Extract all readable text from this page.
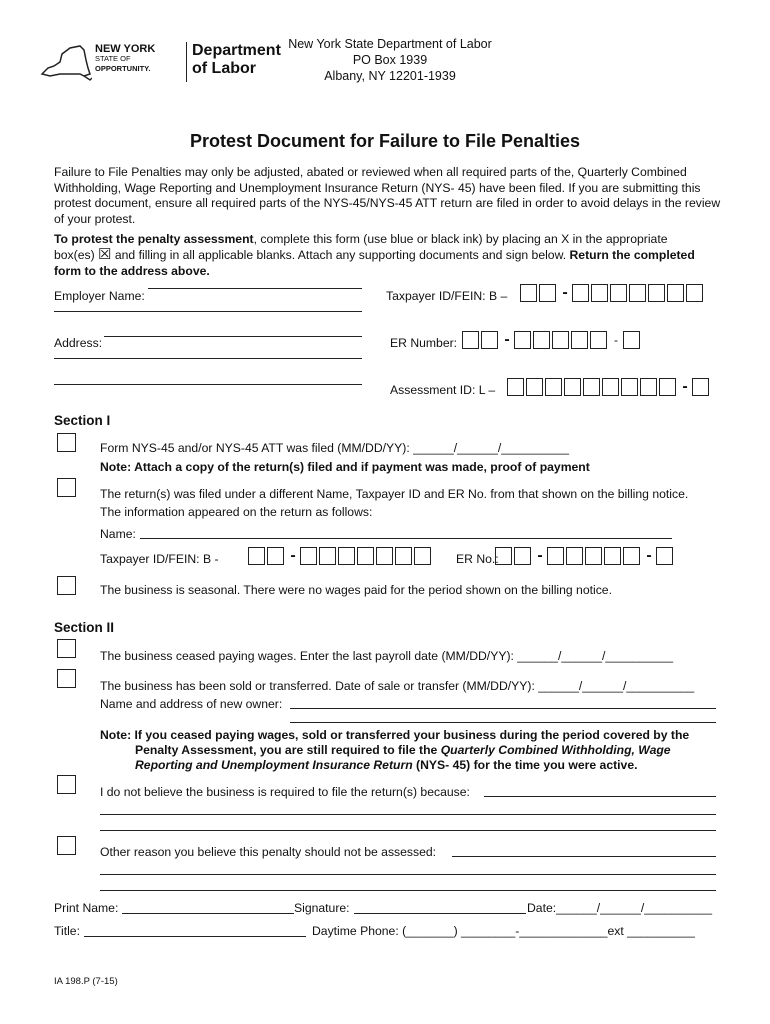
NEW YORK
STATE OF
OPPORTUNITY.
Department
of Labor
New York State Department of Labor
PO Box 1939
Albany, NY 12201-1939
Protest Document for Failure to File Penalties
Failure to File Penalties may only be adjusted, abated or reviewed when all required parts of the, Quarterly Combined Withholding, Wage Reporting and Unemployment Insurance Return (NYS- 45) have been filed. If you are submitting this protest document, ensure all required parts of the NYS-45/NYS-45 ATT return are filed in order to avoid delays in the review of your protest.
To protest the penalty assessment, complete this form (use blue or black ink) by placing an X in the appropriate
box(es) ☒ and filling in all applicable blanks. Attach any supporting documents and sign below. Return the completed
form to the address above.
Employer Name:
Address:
Taxpayer ID/FEIN: B –	-
ER Number:	-	-
Assessment ID: L –	-
Section I
Form NYS-45 and/or NYS-45 ATT was filed (MM/DD/YY): ______/______/__________
Note: Attach a copy of the return(s) filed and if payment was made, proof of payment
The return(s) was filed under a different Name, Taxpayer ID and ER No. from that shown on the billing notice.
The information appeared on the return as follows:
Name:
Taxpayer ID/FEIN: B -	-	ER No.:	-	-
The business is seasonal. There were no wages paid for the period shown on the billing notice.
Section II
The business ceased paying wages. Enter the last payroll date (MM/DD/YY): ______/______/__________
The business has been sold or transferred. Date of sale or transfer (MM/DD/YY): ______/______/__________
Name and address of new owner:
Note: If you ceased paying wages, sold or transferred your business during the period covered by the
Penalty Assessment, you are still required to file the Quarterly Combined Withholding, Wage
Reporting and Unemployment Insurance Return (NYS- 45) for the time you were active.
I do not believe the business is required to file the return(s) because:
Other reason you believe this penalty should not be assessed:
Print Name:	Signature:	Date:______/______/__________
Title:	Daytime Phone: (_______) ________-_____________ext __________
IA 198.P (7-15)
